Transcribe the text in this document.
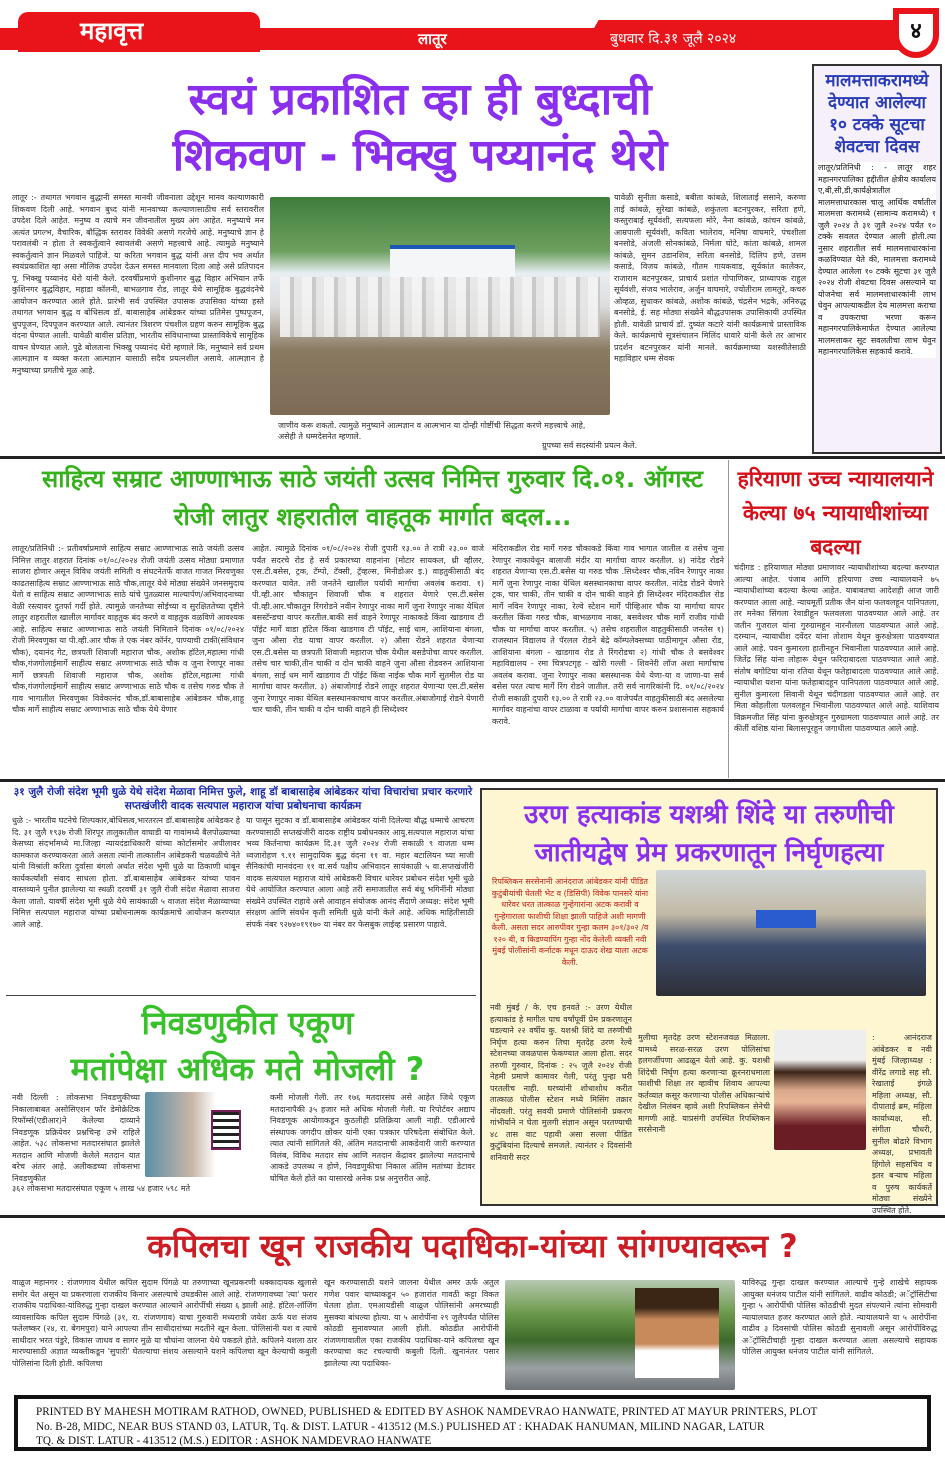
महावृत्त	लातूर	बुधवार दि.३१ जूलै २०२४	४
स्वयं प्रकाशित व्हा ही बुध्दाची
शिकवण - भिक्खु पय्यानंद थेरो
लातूर :- तथागत भगवान बुद्धानी समस्त मानवी जीवनाला उद्देशून मानव कल्याणकारी शिकवण दिली आहे. भगवान बुध्द यांनी मानवाच्या कल्याणासाठीच सर्व स्तरावरील उपदेश दिले आहेत. मनुष्य व त्याचे मन जीवनातील मुख्य अंग आहेत. मनुष्याचे मन अत्यंत प्रगल्भ, वैचारिक, बौद्धिक स्तरावर विवेकी असणे गरजेचे आहे. मनुष्याचे ज्ञान हे परावलंबी न होता ते स्वकर्तुत्वाने स्वावलंबी असणे महत्त्वाचे आहे. त्यामुळे मनुष्याने स्वकर्तुत्वाने ज्ञान मिळवले पाहिजे. या करिता भगवान बुद्ध यांनी अत्त दीप भव अर्थात स्वयंप्रकाशित व्हा असा मौलिक उपदेश देऊन समस्त मानवाला दिला आहे असे प्रतिपादन पू. भिक्खु पय्यानंद थेरो यांनी केले. दरवर्षीप्रमाणे कुशीनगर बुद्ध विहार अभियान तर्फे कुशिनगर बुद्धविहार, महाडा कॉलनी, बाभळगाव रोड, लातूर येथे सामूहिक बुद्धवंदनेचे आयोजन करण्यात आले होते. प्रारंभी सर्व उपस्थित उपासक उपासिका यांच्या हस्ते तथागत भगवान बुद्ध व बोधिसत्व डॉ. बाबासाहेब आंबेडकर यांच्या प्रतिमेस पुष्पपूजन, धुपपूजन, दिपपूजन करण्यात आले. त्यानंतर त्रिशरण पंचशील ग्रहण करुन सामूहिक बुद्ध वंदना घेण्यात आली. यावेळी बावीस प्रतिज्ञा, भारतीय संविधानाच्या प्रास्ताविकेचे सामूहिक वाचन घेण्यात आले. पुढे बोलताना भिक्खु पय्यानंद थेरो म्हणाले कि, मनुष्याने सर्व प्रथम आत्मज्ञान व व्यक्त करता आत्मज्ञान यासाठी सदैव प्रयत्नशील असावे. आत्मज्ञान हे मनुष्याच्या प्रगतीचे मूळ आहे.
जाणीव करू शकतो. त्यामुळे मनुष्याने आत्मज्ञान व आत्मभान या दोन्ही गोष्टींची सिद्धता करणे महत्त्वाचे आहे, असेही ते धम्मदेसनेत म्हणाले.
यावेळी सुनीता कसाडे, बबीता कांबळे, शिलाताई ससाने, करुणा ताई कांबळे, सुरेखा कांबळे, शकुंतला बटनपुरकर, सरिता हणे, कस्तुराबाई सूर्यवंशी, सत्यफला मोरे, नैना कांबळे, कांचन कांबळे, आम्रपाली सूर्यवंशी, कविता भालेराव, मनिषा वाघमारे, पंचशीला बनसोडे, अंजली सोनकांबळे, निर्मला घोटे, कांता कांबळे, शामल कांबळे, सुमन उडानशिव, सरिता बनसोडे, दिलिप हणे, उत्तम कसाडे, विजय कांबळे, गौतम गायकवाड, सूर्यकांत कालेकर, राजाराम बटनपुरकर, प्राचार्य प्रशांत गोपाणिकर, प्राध्यापक राहुल सूर्यवंशी, संजय भालेराव, अर्जुन वाघमारे, ज्योतीराम लामतुरे, कचरु ओव्हळ, सुधाकर कांबळे, अशोक कांबळे, चंद्रसेन भद्रके, अनिरुद्ध बनसोडे, ई. सह मोठ्या संख्येने बौद्धउपासक उपासिकायी उपस्थित होती. यावेळी प्राचार्य डॉ. दुष्यंत कटारे यांनी कार्यक्रमाचे प्रास्ताविक केले. कार्यक्रमाचे सूत्रसंचालन मिलिंद धावारे यांनी केले तर आभार प्रदर्शन बटनपुरकर यांनी मानले. कार्यक्रमाच्या यशस्वीतेसाठी महाविहार धम्म सेवक
ग्रुपच्या सर्व सदस्यांनी प्रयत्न केले.
मालमत्ताकरामध्ये देण्यात आलेल्या १० टक्के सूटचा शेवटचा दिवस
लातूर/प्रतिनिधी : - लातूर शहर महानगरपालिका हद्दीतील क्षेत्रीय कार्यालय ए,बी,सी,डी,कार्यक्षेत्रातील मालमत्ताधारकास चालू आर्थिक वर्षातील मालमत्ता करामध्ये (सामान्य करामध्ये) १ जुलै २०२४ ते ३१ जुलै २०२४ पर्यंत १० टक्के सवलत देण्यात आली होती.त्या नुसार शहरातील सर्व मालमत्ताधारकांना कळविण्यात येते की, मालमत्ता करामध्ये देण्यात आलेला १० टक्के सूटचा ३१ जुलै २०२४ रोजी शेवटचा दिवस असल्याने या योजनेचा सर्व मालमत्ताधारकांनी लाभ घेवुन आपल्याकडील देय मालमत्ता कराचा व उपकराचा भरणा करून महानगरपालिकेमार्फत देण्यात आलेल्या मालमत्ताकर सूट सवलतीचा लाभ घेवुन महानगरपालिकेस सहकार्य करावे.
साहित्य सम्राट आण्णाभाऊ साठे जयंती उत्सव निमित्त गुरुवार दि.०१. ऑगस्ट रोजी लातुर शहरातील वाहतूक मार्गात बदल...
लातूर/प्रतिनिधी :- प्रतीवर्षाप्रमाणे साहित्य सम्राट आण्णाभाऊ साठे जयंती उत्सव निमित्त लातुर शहरात दिनांक ०१/०८/२०२४ रोजी जयंती उत्सव मोठ्या प्रमाणात साजरा होणार असून विविध जयंती समिती व संघटनेतर्फे वाजत गाजत मिरवणुका काढतसाहित्य सम्राट आण्णाभाऊ साठे चौक,लातूर येथे मोठ्या संख्येने जनसमुदाय येतो व साहित्य सम्राट आण्णाभाऊ साठे यांचे पुतळ्यास माल्यार्पण/अभिवादनाच्या वेळी रस्त्यावर दुतर्फा गर्दी होते. त्यामुळे जनतेच्या सोईच्या व सुरक्षिततेच्या दृष्टीने लातुर शहरातील खालील मार्गावर वाहतुक बंद करणे व वाहतुक वळविणे आवश्यक आहे. साहित्य सम्राट आण्णाभाऊ साठे जयंती निमिताने दिनांक ०१/०८/२०२४ रोजी मिरवणुका या पी.व्ही.आर चौक ते एक नंबर कॉर्नर, पाण्याची टाकी(संविधान चौक), दयानंद गेट, छत्रपती शिवाजी महाराज चौक, अशोक हॉटेल,महात्मा गांधी चौक,गंजगोलाईमार्गे साहीत्य सम्राट अण्णाभाऊ साठे चौक व जुना रेणापूर नाका मार्गे छत्रपती शिवाजी महाराज चौक, अशोक हॉटेल,महात्मा गांधी चौक,गंजगोलाईमार्गे साहीत्य सम्राट अण्णाभाऊ साठे चौक व तसेच गरुड चौक ते गाव भागातील मिरवणुका विवेकानंद चौक,डॉ.बाबासाहेब आंबेडकर चौक,शाहू चौक मार्गे साहीत्य सम्राट अण्णाभाऊ साठे चौक येथे येणार
आहेत. त्यामुळे दिनांक ०१/०८/२०२४ रोजी दुपारी १३.०० ते रात्री २३.०० वाजे पर्यंत सदरचे रोड हे सर्व प्रकारच्या वाहनांना (मोटार सायकल, थ्री व्हीलर, एस.टी.बसेस, ट्रक, टॅम्पो, टॅक्सी, ट्रॅव्हल्स, मिनीडोअर इ.) वाहतुकीसाठी बंद करण्यात यावेत. तरी जनतेने खालील पर्यायी मार्गाचा अवलंब करावा. १) पी.व्ही.आर चौकातुन शिवाजी चौक व शहरात येणारे एस.टी.बसेस पी.व्ही.आर.चौकातुन रिंगरोडने नवीन रेणापुर नाका मार्गे जुना रेणापुर नाका येथिल बसस्टॅन्डचा वापर करतील.बाकी सर्व वाहने रेणापूर नाकाकडे किंवा खाडगाव टी पॉईट मार्गे वाडा हॉटेल किंवा खाडगाव टी पॉईट, साई धाम, आशियाना बंगला, जुना औसा रोड याचा वापर करतील. २) औसा रोडने शहरात येणाऱ्या एस.टी.बसेस या छत्रपती शिवाजी महाराज चौक येथील बसडेपोचा वापर करतील. तसेच चार चाकी,तीन चाकी व दोन चाकी वाहने जुना औसा रोडवरुन आशियाना बंगला, साई धम मार्गे खाडगाव टी पॉईट किंवा नाईक चौक मार्गे सुतमील रोड या मार्गाचा वापर करतील. ३) अंबाजोगाई रोडने लातूर शहरात येणाऱ्या एस.टी.बसेस जुना रेणापुर नाका येथिल बसस्थानकाचाच वापर करतील.अंबाजोगाई रोडने येणारी चार चाकी, तीन चाकी व दोन चाकी वाहने ही सिध्देश्वर
मंदिराकडील रोड मार्गे गरुड चौकाकडे किंवा गाव भागात जातील व तसेच जुना रेणापुर नाकायेथून बालाजी मंदीर या मार्गाचा वापर करतील. ४) नांदेड रोडने शहरात येणाऱ्या एस.टी.बसेस या गरुड चौक .सिध्देश्वर चौक,नविन रेणापुर नाका मार्गे जुना रेणापुर नाका येथिल बसस्थानकाचा वापर करतील. नांदेड रोडने येणारे ट्रक, चार चाकी, तीन चाकी व दोन चाकी वाहने ही सिध्देश्वर मंदिराकडील रोड मार्गे नविन रेणापूर नाका, रेल्वे स्टेशन मार्गे पीव्हिआर चौक या मार्गाचा वापर करतील किंवा गरुड चौक, बाभळगाव नाका, बसवेश्वर चौक मार्गे राजीव गांधी चौक या मार्गाचा वापर करतील. ५) तसेच शहरातील वाहतुकीसाठी जनतेस १) राजस्थान विद्यालय ते पॅरलल रोडने बेद्रे कॉम्पलेक्सच्या पाठीमागून औसा रोड, आशियाना बंगला - खाडगाव रोड ते रिंगरोडचा २) गांधी चौक ते बसवेश्वर महाविद्यालय - रमा चित्रपटगृह - खोरी गल्ली - शिवनेरी लॉज अशा मार्गाचाच अवलंब करावा. जुना रेणापुर नाका बसस्थानक येथे येणा-या व जाणा-या सर्व बसेस परत त्याच मार्गे रिंग रोडने जातील. तरी सर्व नागरिकांनी दि. ०१/०८/२०२४ रोजी सकाळी दुपारी १३.०० ते रात्री २३.०० वाजेपर्यंत वाहतुकीसाठी बंद असलेल्या मार्गावर वाहनांचा वापर टाळावा व पर्यायी मार्गाचा वापर करुन प्रशासनास सहकार्य करावे.
हरियाणा उच्च न्यायालयाने केल्या ७५ न्यायाधीशांच्या बदल्या
चंदीगड : हरियाणात मोठ्या प्रमाणावर न्यायाधीशांच्या बदल्या करण्यात आल्या आहेत. पंजाब आणि हरियाणा उच्च न्यायालयाने ७५ न्यायाधीशांच्या बदल्या केल्या आहेत. याबाबतचा आदेशही आज जारी करण्यात आला आहे. न्यायमूर्ती प्रतीक जैन यांना फलवलहून पानिपतला, तर मनेका सिंगला रेवाडीहून फलवलला पाठवण्यात आले आहे. तर जतीन गुजराल यांना गुरुग्रामहून नारनौलला पाठवण्यात आले आहे. दरम्यान, न्यायाधीश दवेंदर यांना तोशाम येथून कुरुक्षेत्रला पाठवण्यात आले आहे. पवन कुमारला हातीनहून भिवानीला पाठवण्यात आले आहे. जितेंद्र सिंह यांना लोहारू येथून फरिदाबादला पाठवण्यात आले आहे. संतोष बगोटिया यांना रतिया येथून फतेहाबादला पाठवण्यात आले आहे. न्यायाधीश यशना यांना फतेहाबादहून पानिपतला पाठवण्यात आले आहे. सुनील कुमारला सिवानी येथून चंदीगडला पाठवण्यात आले आहे. तर मिता कोहलीला पलवलहून भिवानीला पाठवण्यात आले आहे. याशिवाय विक्रमजीत सिंह यांना कुरुक्षेत्रहून गुरुग्रामला पाठवण्यात आले आहे. तर कीर्ती वशिष्ठ यांना बिलासपूरहून जगाधीला पाठवण्यात आले आहे.
३१ जुलै रोजी संदेश भूमी धुळे येथे संदेश मेळावा निमित्त फुले, शाहू डॉ बाबासाहेब आंबेडकर यांचा विचारांचा प्रचार करणारे सप्तखंजीरी वादक सत्यपाल महाराज यांचा प्रबोधनाचा कार्यक्रम
धुळे :- भारतीय घटनेचे शिल्पकार,बोधिसत्व,भारतरत्न डॉ.बाबासाहेब आंबेडकर हे दि. ३१ जुलै १९३७ रोजी शिरपूर तालुकातील वाघाडी या गावांमध्ये बैलपोळ्याच्या केसच्या संदर्भामध्ये मा.जिल्हा न्यायदंडाधिकारी यांच्या कोर्टासमोर अपीलावर कामकाज करण्याकरता आले असता त्यांनी तात्कालीन आंबेडकरी चळवळीचे नेते यांनी विश्रांती करिता दुर्वासा बंगलो अर्थात संदेश भूमी धुळे या ठिकाणी थांबून कार्यकर्त्यांशी संवाद साधला होता. डॉ.बाबासाहेब आंबेडकर यांच्या पावन वास्तव्याने पुनीत झालेल्या या स्थळी दरवर्षी ३१ जुलै रोजी संदेश मेळावा साजरा केला जातो. यावर्षी संदेश भूमी धुळे येथे सायंकाळी ५ वाजता संदेश मेळाव्याच्या निमित्त सत्यपाल महाराज यांच्या प्रबोधनात्मक कार्यक्रमाचे आयोजन करण्यात आले आहे.
या पासून सुटका व डॉ.बाबासाहेब आंबेडकर यांनी दिलेल्या बौद्ध धम्माचे आचरण करण्यासाठी सप्तखंजीरी वादक राष्ट्रीय प्रबोधनकार आयु.सत्यपाल महाराज यांचा भव्य किर्तनाचा कार्यक्रम दि.३१ जुलै २०२४ रोजी सकाळी ९ वाजता धम्म ध्वजारोहण ९.११ सामुदायिक बुद्ध वंदना ११ वा. महार बटालियन च्या माजी सैनिकांची मानवंदना ११ वा.सर्व पक्षीय अभिवादन सायंकाळी ५ वा.सप्तखंजीरी वादक सत्यपाल महाराज यांचे आंबेडकरी विचार धारेवर प्रबोधन संदेश भूमी धुळे येथे आयोजित करण्यात आला आहे तरी समाजातील सर्व बंधू भगिनींनी मोठ्या संख्येने उपस्थित राहावे असे आवाहन संयोजक आनंद सैंदाणे अध्यक्ष: संदेश भूमी संरक्षण आणि संवर्धन कृती समिती धुळे यांनी केले आहे. अधिक माहितीसाठी संपर्क नंबर ९२७४०१९१७० या नंबर वर फेसबुक लाईव्ह प्रसारण पाहावे.
उरण हत्याकांड यशश्री शिंदे या तरुणीची जातीयद्वेष प्रेम प्रकरणातून निर्घृणहत्या
रिपब्लिकन सरसेनानी आनंदराज आंबेडकर यांनी पीडित कुटुंबीयांची घेतली भेट व (डिसिपी) विवेक पानसरे यांना धारेवर धरत तात्काळ गुन्हेगारांना अटक करावी व गुन्हेगाराला फाशीची शिक्षा झाली पाहिजे अशी मागणी केली. असता सदर आरुपीवर गुन्हा कलम ३०१/३०२ /व १२० बी, व किडण्यापिंग गुन्हा नोंद केलेली व्यक्ती नवी मुंबई पोलीसांनी कर्नाटक मधून दाऊद शेख याला अटक केली.
नवी मुंबई / के. एच हनवते :- उरण येथील हत्याकांड हे मागील पाच वर्षांपूर्वी प्रेम प्रकरणातून घडल्याने २२ वर्षीय कु. यशश्री शिंदे या तरुणीची निर्घृण हत्या करुन तिचा मृतदेह उरण रेल्वे स्टेशनच्या जवळपास फेकण्यात आला होता. सदर तरुणी गुरुवार, दिनांक : २५ जुलै २०२४ रोजी नेहमी प्रमाणे कामावर गेली, परंतु पुन्हा घरी परतलीच नाही. घरच्यांनी शोधाशोध करीत तात्काळ पोलीस स्टेशन मध्ये मिसिंग तक्रार नोंदवली. परंतु सवयी प्रमाणे पोलिसांनी प्रकरण गांभीर्याने न घेता मुलगी संज्ञान असून परतण्याची ४८ तास वाट पहावी असा सल्ला पीडित कुटुंबियांना दिल्याचे समजले. त्यानंतर २ दिवसांनी शनिवारी सदर
मुलीचा मृतदेह उरण स्टेशनजवळ मिळाला. यामध्ये सरळ-सरळ उरण पोलिसांचा हलगर्जीपणा आढळून येतो आहे. कु. यशश्री शिंदेची निर्घृण हत्या करणाऱ्या क्रूरनराधमाला फाशीची शिक्षा तर व्हावीच शिवाय आपल्या कर्तव्यात कसूर करणाऱ्या पोलीस अधिकाऱ्यांचे देखील निलंबन व्हावे अशी रिपब्लिकन सेनेची मागणी आहे. याप्रसंगी उपस्थित रिपब्लिकन सरसेनानी
: आनंदराज आंबेडकर व नवी मुंबई जिल्हाध्यक्ष : वीरेंद्र लगाडे सह सौ. रेखाताई इंगळे महिला अध्यक्ष, सौ. दीपाताई ब्रम, महिला कार्याध्यक्ष, सौ. संगीता चौधरी, सुनील बोढारे विभाग अध्यक्ष, प्रभावती हिंगोले सहसचिव व इतर बऱ्याच महिला व पुरुष कार्यकर्ते मोठ्या संख्येने उपस्थित होते.
निवडणुकीत एकूण
मतांपेक्षा अधिक मते मोजली ?
नवी दिल्ली : लोकसभा निवडणुकीच्या निकालाबाबत असोसिएशन फॉर डेमोक्रेटिक रिफॉर्म्स(एडीआर)ने केलेल्या दाव्याने निवडणूक प्रक्रियेवर प्रश्नचिन्ह उभे राहिले आहेत. ५३८ लोकसभा मतदारसंघात झालेले मतदान आणि मोजणी केलेले मतदान यात बरेच अंतर आहे. अलीकडच्या लोकसभा निवडणुकीत
कमी मोजली गेली. तर १७६ मतदारसंघ असे आहेत जिथे एकूण मतदानापैकी ३५ हजार मते अधिक मोजली गेली. या रिपोर्टवर अद्याप निवडणूक आयोगाकडून कुठलीही प्रतिक्रिया आली नाही. एडीआरचे संस्थापक जगदीप छोकर यांनी एका पत्रकार परिषदेला संबोधित केले. त्यात त्यांनी सांगितले की, अंतिम मतदानाची आकडेवारी जारी करण्यात विलंब, विविध मतदार संघ आणि मतदान केंद्रावर झालेल्या मतदानाचे आकडे उपलब्ध न होणे, निवडणुकीचा निकाल अंतिम मतांच्या डेटावर घोषित केले होते का यासारखे अनेक प्रश्न अनुत्तरीत आहे.
३६२ लोकसभा मतदारसंघात एकूण ५ लाख ५४ हजार ५९८ मते
कपिलचा खून राजकीय पदाधिका-यांच्या सांगण्यावरून ?
वाळूज महानगर : रांजणगाव येथील कपिल सुदाम पिंगळे या तरुणाच्या खूनप्रकरणी धक्कादायक खुलासे समोर येत असून या प्रकरणाला राजकीय किनार असल्याचे उघडकीस आले आहे. रांजणगावच्या 'त्या' फरार राजकीय पदाधिका-यांविरुद्ध गुन्हा दाखल करण्यात आल्याने आरोपींची संख्या ६ झाली आहे. हॉटेल-लॉजिंग व्यावसायिक कपिल सुदाम पिंगळे (३१, रा. रांजणगाव) याचा गुरुवारी मध्यरात्री जयेश ऊर्फ यश संजय फतेलष्कर (२४, रा. बेगमपुरा) याने आपल्या तीन साथीदारांच्या मदतीने खून केला. पोलिसांनी यश व त्याचे साथीदार भरत पंडुरे, विकास जाधव व सागर मुळे या चौघांना जालना येथे पकडले होते. कपिलने यशला ठार मारण्यासाठी अज्ञात व्यक्तीकडून 'सुपारी' घेतल्याचा संशय असल्याने यशने कपिलचा खून केल्याची कबुली पोलिसांना दिली होती. कपिलचा
खून करण्यासाठी यशने जालना येथील अमर ऊर्फ अतुल गणेश पवार याच्याकडून ५० हजारांत गावठी कट्टा विकत घेतला होता. एमआयडीसी वाळूज पोलिसांनी अमरच्याही मुसक्या बांधल्या होत्या. या ५ आरोपींना २९ जुलैपर्यंत पोलिस कोठडी सुनावण्यात आली होती. कोठडीत आरोपींनी रांजणगावातील एका राजकीय पदाधिका-याने कपिलचा खून करण्याचा कट रचल्याची कबुली दिली. खुनानंतर पसार झालेल्या त्या पदाधिका-
याविरुद्ध गुन्हा दाखल करण्यात आल्याचे गुन्हे शाखेचे सहायक आयुक्त धनंजय पाटील यांनी सांगितले. वाढीव कोठडी; अॅट्रॉसिटीचा गुन्हा ५ आरोपींची पोलिस कोठडीची मुदत संपल्याने त्यांना सोमवारी न्यायालयात हजर करण्यात आले होते. न्यायालयाने या ५ आरोपींना वाढीव ३ दिवसांची पोलिस कोठडी सुनावली असून आरोपींविरुद्ध अॅट्रॉसिटीचाही गुन्हा दाखल करण्यात आला असल्याचे सहायक पोलिस आयुक्त धनंजय पाटील यांनी सांगितले.
PRINTED BY MAHESH MOTIRAM RATHOD, OWNED, PUBLISHED & EDITED BY ASHOK NAMDEVRAO HANWATE, PRINTED AT MAYUR PRINTERS, PLOT
No. B-28, MIDC, NEAR BUS STAND 03, LATUR, Tq. & DIST. LATUR - 413512 (M.S.) PULISHED AT : KHADAK HANUMAN, MILIND NAGAR, LATUR
TQ. & DIST. LATUR - 413512 (M.S.) EDITOR : ASHOK NAMDEVRAO HANWATE
